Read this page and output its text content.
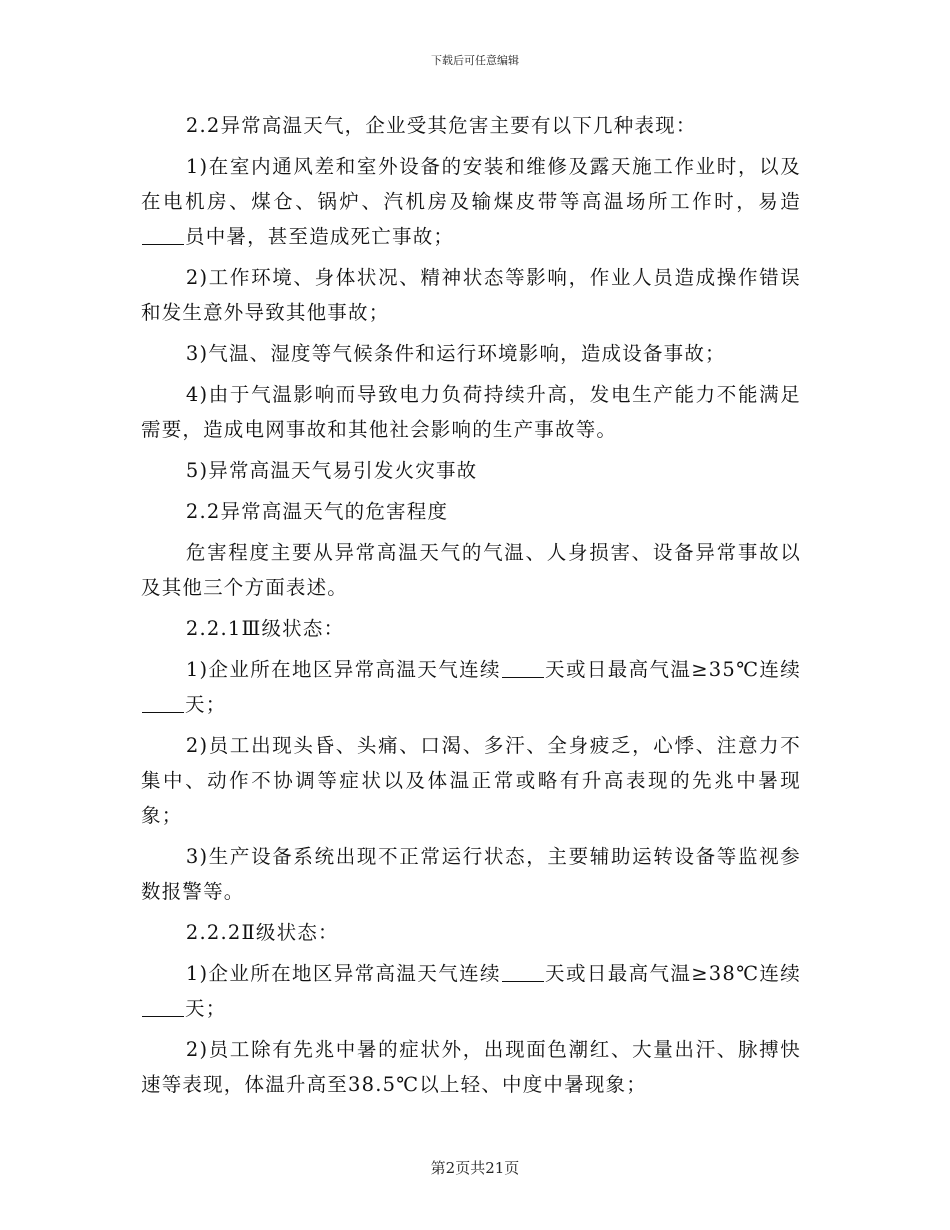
下载后可任意编辑

2.2异常高温天气，企业受其危害主要有以下几种表现：

1)在室内通风差和室外设备的安装和维修及露天施工作业时，以及在电机房、煤仓、锅炉、汽机房及输煤皮带等高温场所工作时，易造员中暑，甚至造成死亡事故；

2)工作环境、身体状况、精神状态等影响，作业人员造成操作错误和发生意外导致其他事故；

3)气温、湿度等气候条件和运行环境影响，造成设备事故；

4)由于气温影响而导致电力负荷持续升高，发电生产能力不能满足需要，造成电网事故和其他社会影响的生产事故等。

5)异常高温天气易引发火灾事故

2.2异常高温天气的危害程度

危害程度主要从异常高温天气的气温、人身损害、设备异常事故以及其他三个方面表述。

2.2.1Ⅲ级状态：

1)企业所在地区异常高温天气连续 天或日最高气温≥35℃连续天；

2)员工出现头昏、头痛、口渴、多汗、全身疲乏，心悸、注意力不集中、动作不协调等症状以及体温正常或略有升高表现的先兆中暑现象；

3)生产设备系统出现不正常运行状态，主要辅助运转设备等监视参数报警等。

2.2.2Ⅱ级状态：

1)企业所在地区异常高温天气连续 天或日最高气温≥38℃连续天；

2)员工除有先兆中暑的症状外，出现面色潮红、大量出汗、脉搏快速等表现，体温升高至38.5℃以上轻、中度中暑现象；

第2页共21页
